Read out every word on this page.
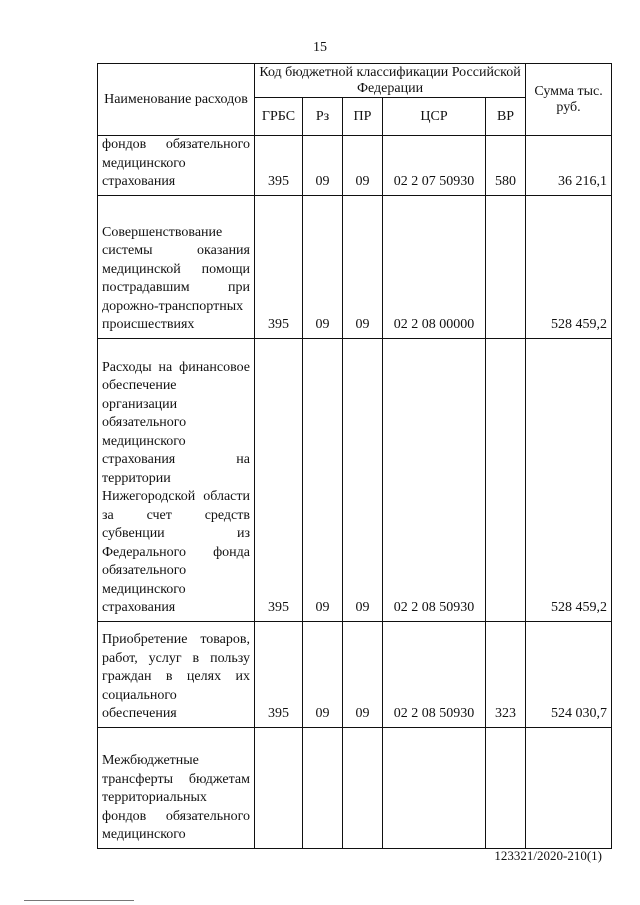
15
Наименование расходов	Код бюджетной классификации Российской Федерации					Сумма тыс. руб.
	ГРБС	Рз	ПР	ЦСР	ВР	
фондов обязательного медицинского страхования	395	09	09	02 2 07 50930	580	36 216,1
Совершенствование системы оказания медицинской помощи пострадавшим при дорожно-транспортных происшествиях	395	09	09	02 2 08 00000		528 459,2
Расходы на финансовое обеспечение организации обязательного медицинского страхования на территории Нижегородской области за счет средств субвенции из Федерального фонда обязательного медицинского страхования	395	09	09	02 2 08 50930		528 459,2
Приобретение товаров, работ, услуг в пользу граждан в целях их социального обеспечения	395	09	09	02 2 08 50930	323	524 030,7
Межбюджетные трансферты бюджетам территориальных фондов обязательного медицинского						
123321/2020-210(1)
